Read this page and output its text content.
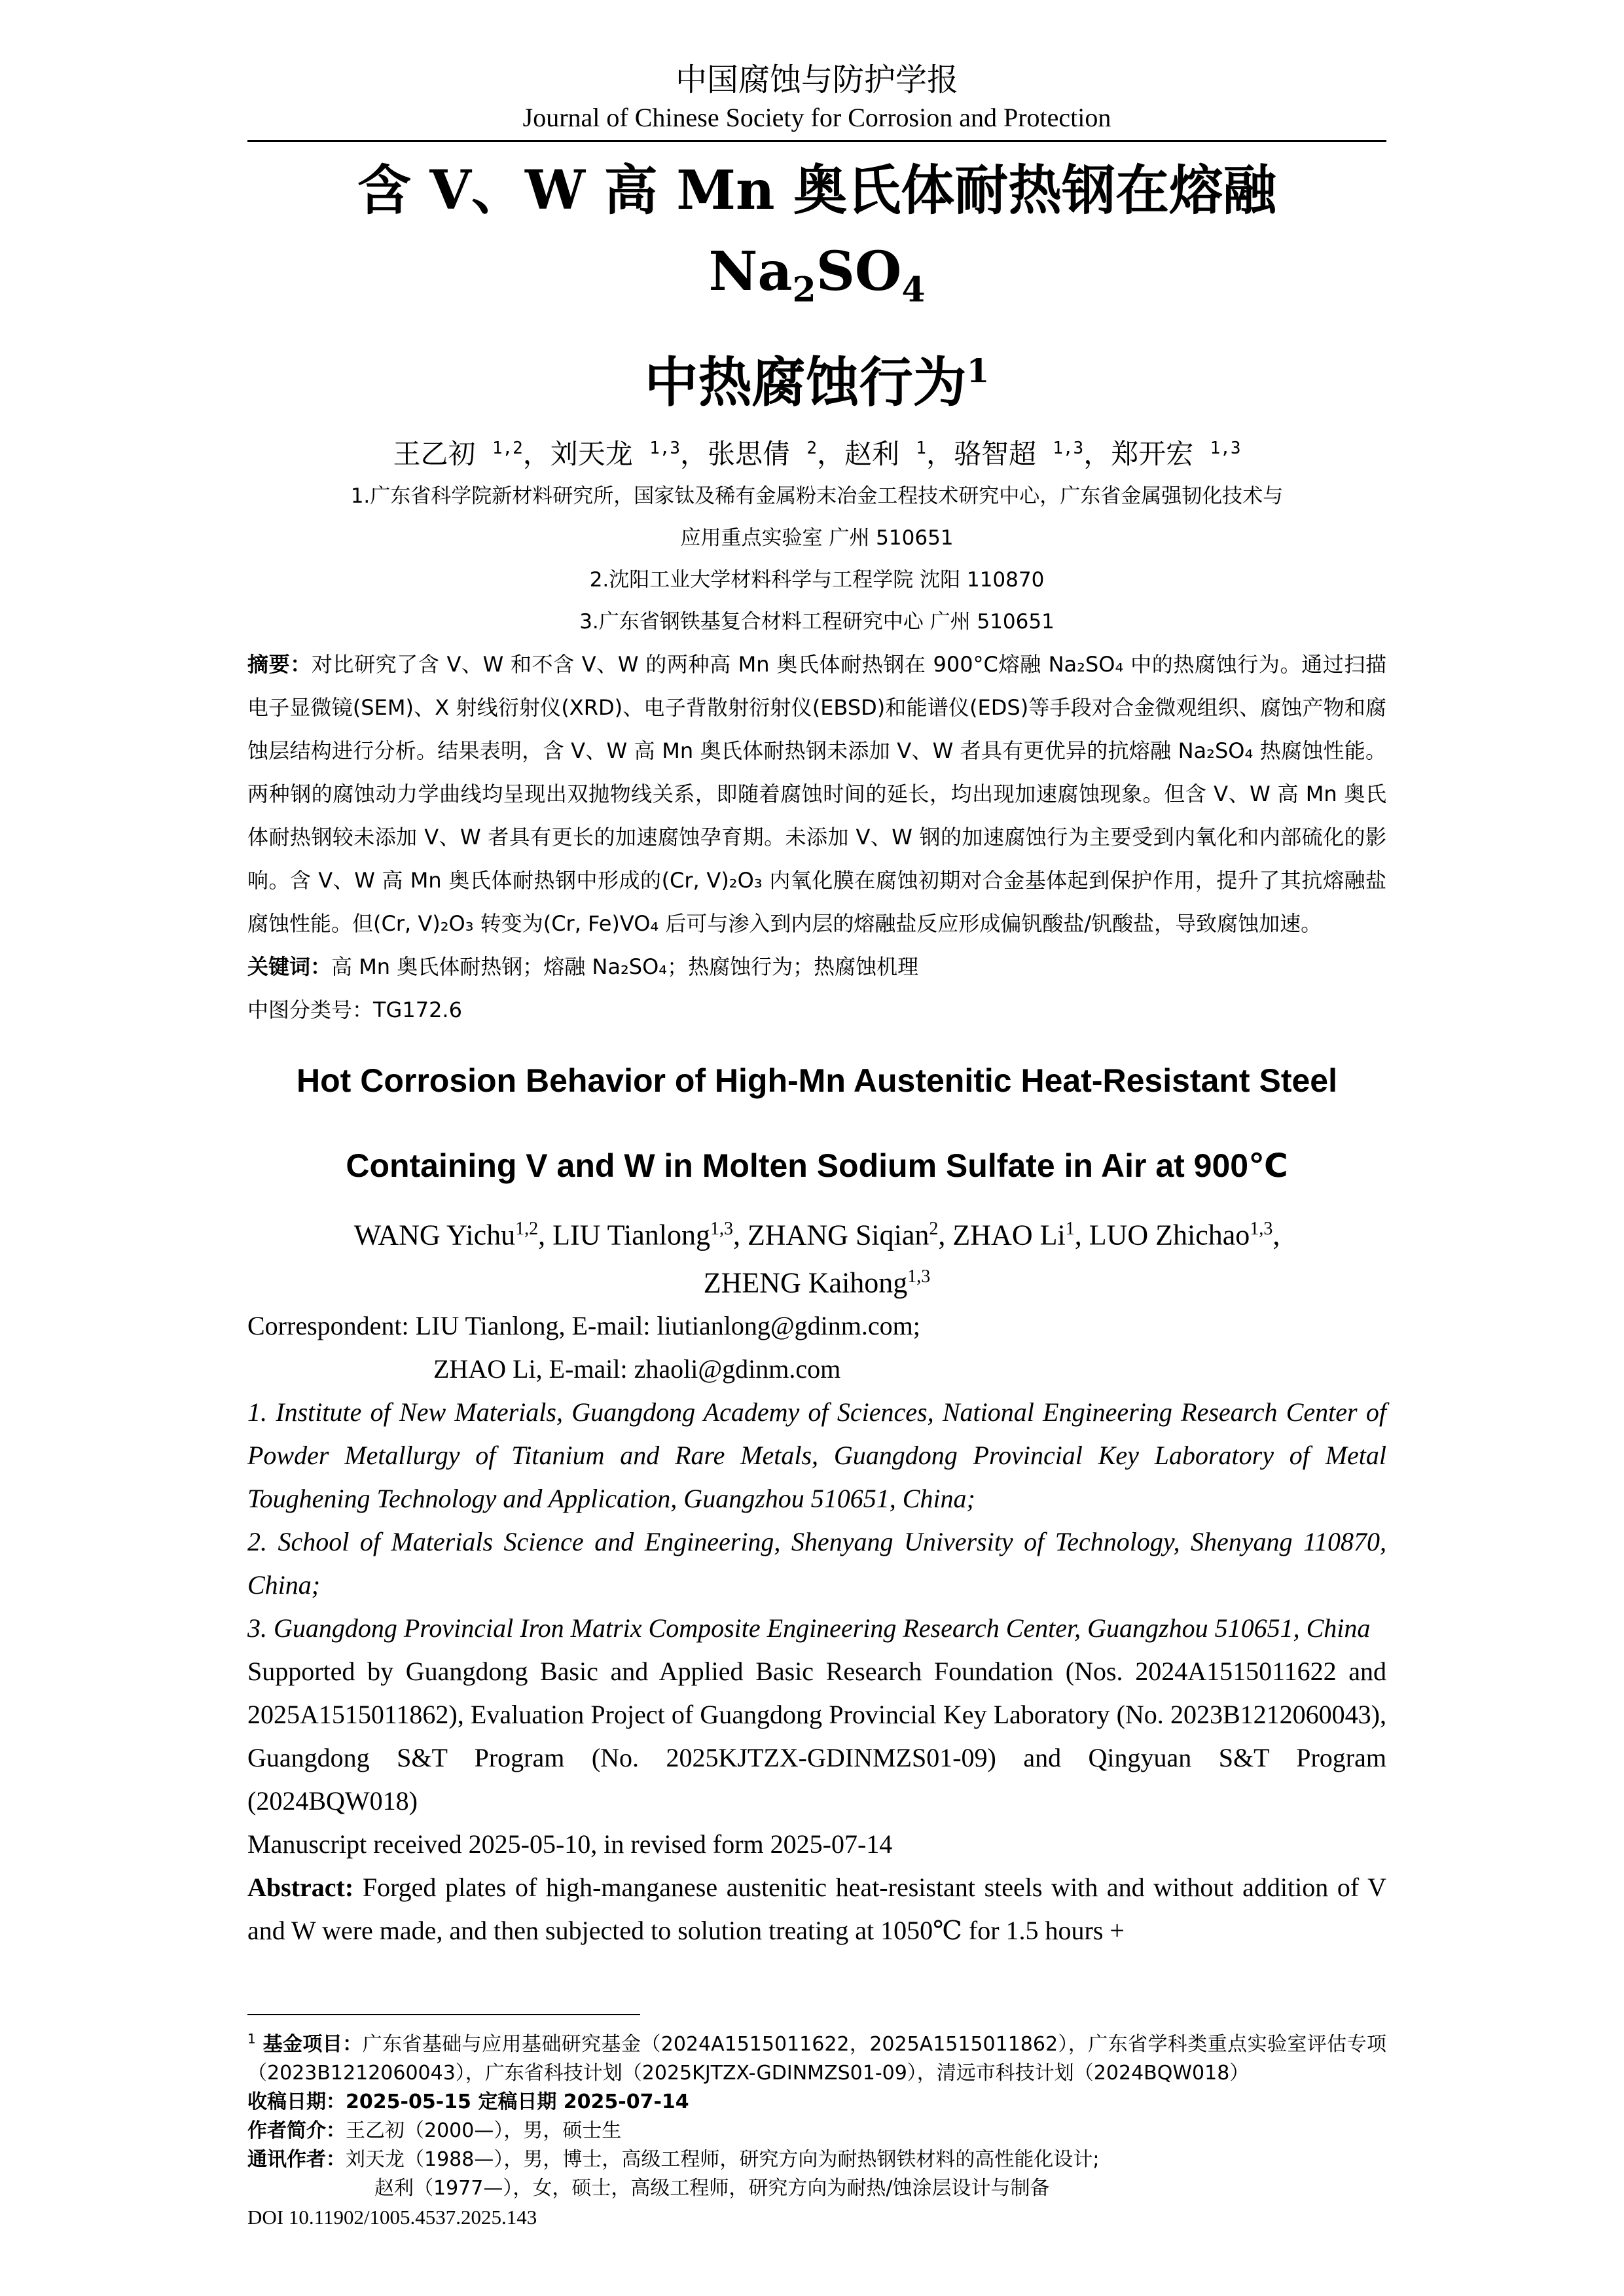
中国腐蚀与防护学报

Journal of Chinese Society for Corrosion and Protection

含 V、W 高 Mn 奥氏体耐热钢在熔融 $Na_2SO_4$

中热腐蚀行为$^1$

王乙初 $^{1,2}$，刘天龙 $^{1,3}$，张思倩 $^2$，赵利 $^1$，骆智超 $^{1,3}$，郑开宏 $^{1,3}$

1.广东省科学院新材料研究所，国家钛及稀有金属粉末冶金工程技术研究中心，广东省金属强韧化技术与

应用重点实验室 广州 510651

2.沈阳工业大学材料科学与工程学院 沈阳 110870

3.广东省钢铁基复合材料工程研究中心 广州 510651

摘要：对比研究了含 V、W 和不含 V、W 的两种高 Mn 奥氏体耐热钢在 900°C熔融 Na₂SO₄ 中的热腐蚀行为。通过扫描电子显微镜(SEM)、X 射线衍射仪(XRD)、电子背散射衍射仪(EBSD)和能谱仪(EDS)等手段对合金微观组织、腐蚀产物和腐蚀层结构进行分析。结果表明，含 V、W 高 Mn 奥氏体耐热钢未添加 V、W 者具有更优异的抗熔融 Na₂SO₄ 热腐蚀性能。两种钢的腐蚀动力学曲线均呈现出双抛物线关系，即随着腐蚀时间的延长，均出现加速腐蚀现象。但含 V、W 高 Mn 奥氏体耐热钢较未添加 V、W 者具有更长的加速腐蚀孕育期。未添加 V、W 钢的加速腐蚀行为主要受到内氧化和内部硫化的影响。含 V、W 高 Mn 奥氏体耐热钢中形成的(Cr, V)₂O₃ 内氧化膜在腐蚀初期对合金基体起到保护作用，提升了其抗熔融盐腐蚀性能。但(Cr, V)₂O₃ 转变为(Cr, Fe)VO₄ 后可与渗入到内层的熔融盐反应形成偏钒酸盐/钒酸盐，导致腐蚀加速。

关键词：高 Mn 奥氏体耐热钢；熔融 Na₂SO₄；热腐蚀行为；热腐蚀机理

中图分类号：TG172.6

Hot Corrosion Behavior of High-Mn Austenitic Heat-Resistant Steel

Containing V and W in Molten Sodium Sulfate in Air at 900℃

WANG Yichu$^{1,2}$, LIU Tianlong$^{1,3}$, ZHANG Siqian$^2$, ZHAO Li$^1$, LUO Zhichao$^{1,3}$,

ZHENG Kaihong$^{1,3}$

Correspondent: LIU Tianlong, E-mail: liutianlong@gdinm.com;

ZHAO Li, E-mail: zhaoli@gdinm.com

1. Institute of New Materials, Guangdong Academy of Sciences, National Engineering Research Center of Powder Metallurgy of Titanium and Rare Metals, Guangdong Provincial Key Laboratory of Metal Toughening Technology and Application, Guangzhou 510651, China;

2. School of Materials Science and Engineering, Shenyang University of Technology, Shenyang 110870, China;

3. Guangdong Provincial Iron Matrix Composite Engineering Research Center, Guangzhou 510651, China

Supported by Guangdong Basic and Applied Basic Research Foundation (Nos. 2024A1515011622 and 2025A1515011862), Evaluation Project of Guangdong Provincial Key Laboratory (No. 2023B1212060043), Guangdong S&T Program (No. 2025KJTZX-GDINMZS01-09) and Qingyuan S&T Program (2024BQW018)

Manuscript received 2025-05-10, in revised form 2025-07-14

Abstract: Forged plates of high-manganese austenitic heat-resistant steels with and without addition of V and W were made, and then subjected to solution treating at 1050℃ for 1.5 hours +

$^1$ 基金项目：广东省基础与应用基础研究基金（2024A1515011622，2025A1515011862），广东省学科类重点实验室评估专项（2023B1212060043），广东省科技计划（2025KJTZX-GDINMZS01-09），清远市科技计划（2024BQW018）

收稿日期：2025-05-15 定稿日期 2025-07-14

作者简介：王乙初（2000—），男，硕士生

通讯作者：刘天龙（1988—），男，博士，高级工程师，研究方向为耐热钢铁材料的高性能化设计;

赵利（1977—），女，硕士，高级工程师，研究方向为耐热/蚀涂层设计与制备

DOI 10.11902/1005.4537.2025.143
